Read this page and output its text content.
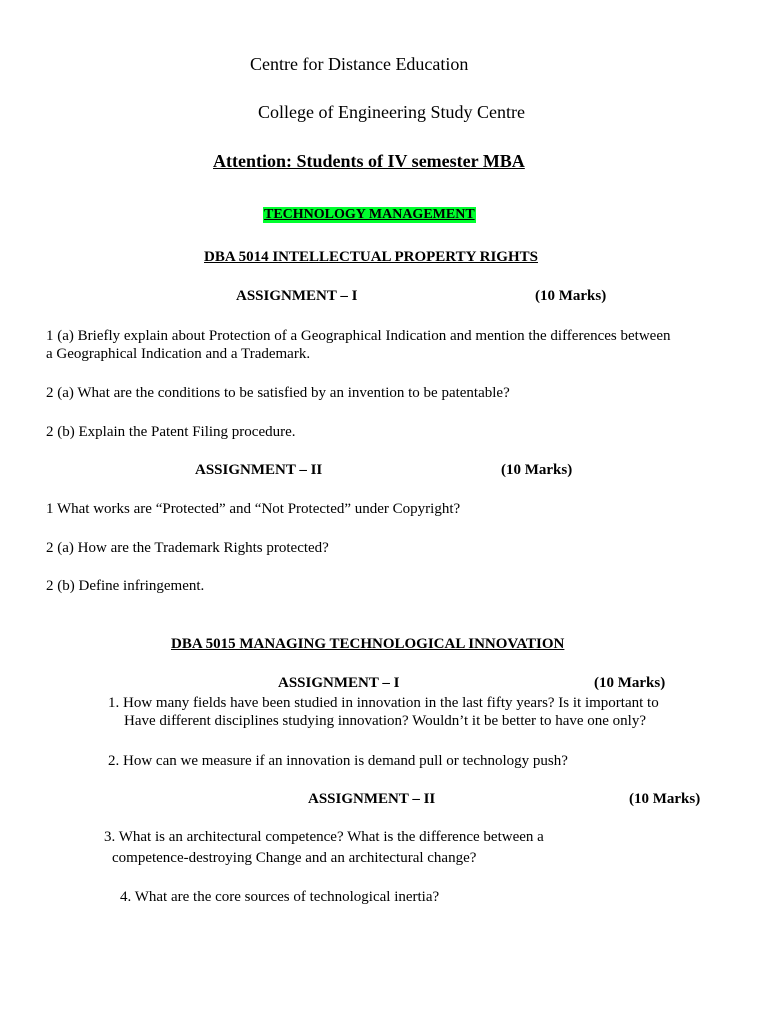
Centre for Distance Education
College of Engineering Study Centre
Attention: Students of IV semester MBA
TECHNOLOGY MANAGEMENT
DBA 5014 INTELLECTUAL PROPERTY RIGHTS
ASSIGNMENT – I	(10 Marks)
1 (a) Briefly explain about Protection of a Geographical Indication and mention the differences between
a Geographical Indication and a Trademark.
2 (a) What are the conditions to be satisfied by an invention to be patentable?
2 (b) Explain the Patent Filing procedure.
ASSIGNMENT – II	(10 Marks)
1 What works are “Protected” and “Not Protected” under Copyright?
2 (a) How are the Trademark Rights protected?
2 (b) Define infringement.
DBA 5015 MANAGING TECHNOLOGICAL INNOVATION
ASSIGNMENT – I	(10 Marks)
1. How many fields have been studied in innovation in the last fifty years? Is it important to
Have different disciplines studying innovation? Wouldn’t it be better to have one only?
2. How can we measure if an innovation is demand pull or technology push?
ASSIGNMENT – II	(10 Marks)
3. What is an architectural competence? What is the difference between a
competence-destroying Change and an architectural change?
4. What are the core sources of technological inertia?
